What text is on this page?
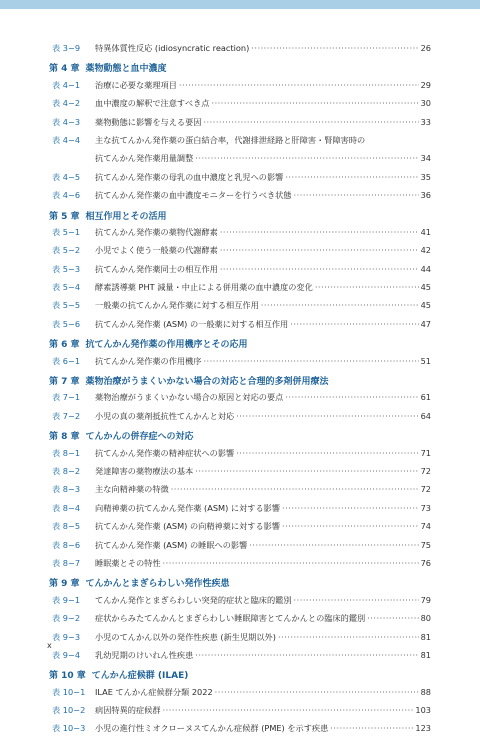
表 3−9	特異体質性反応 (idiosyncratic reaction) ·····	26
第 4 章 薬物動態と血中濃度
表 4−1	治療に必要な薬理項目 ·····	29
表 4−2	血中濃度の解釈で注意すべき点 ·····	30
表 4−3	薬物動態に影響を与える要因 ·····	33
表 4−4	主な抗てんかん発作薬の蛋白結合率，代謝排泄経路と肝障害・腎障害時の
抗てんかん発作薬用量調整 ·····	34
表 4−5	抗てんかん発作薬の母乳の血中濃度と乳児への影響 ·····	35
表 4−6	抗てんかん発作薬の血中濃度モニターを行うべき状態 ·····	36
第 5 章 相互作用とその活用
表 5−1	抗てんかん発作薬の薬物代謝酵素 ·····	41
表 5−2	小児でよく使う一般薬の代謝酵素 ·····	42
表 5−3	抗てんかん発作薬同士の相互作用 ·····	44
表 5−4	酵素誘導薬 PHT 減量・中止による併用薬の血中濃度の変化 ·····	45
表 5−5	一般薬の抗てんかん発作薬に対する相互作用 ·····	45
表 5−6	抗てんかん発作薬 (ASM) の一般薬に対する相互作用 ·····	47
第 6 章 抗てんかん発作薬の作用機序とその応用
表 6−1	抗てんかん発作薬の作用機序 ·····	51
第 7 章 薬物治療がうまくいかない場合の対応と合理的多剤併用療法
表 7−1	薬物治療がうまくいかない場合の原因と対応の要点 ·····	61
表 7−2	小児の真の薬剤抵抗性てんかんと対応 ·····	64
第 8 章 てんかんの併存症への対応
表 8−1	抗てんかん発作薬の精神症状への影響 ·····	71
表 8−2	発達障害の薬物療法の基本 ·····	72
表 8−3	主な向精神薬の特徴 ·····	72
表 8−4	向精神薬の抗てんかん発作薬 (ASM) に対する影響 ·····	73
表 8−5	抗てんかん発作薬 (ASM) の向精神薬に対する影響 ·····	74
表 8−6	抗てんかん発作薬 (ASM) の睡眠への影響 ·····	75
表 8−7	睡眠薬とその特性 ·····	76
第 9 章 てんかんとまぎらわしい発作性疾患
表 9−1	てんかん発作とまぎらわしい突発的症状と臨床的鑑別 ·····	79
表 9−2	症状からみたてんかんとまぎらわしい睡眠障害とてんかんとの臨床的鑑別 ·····	80
表 9−3	小児のてんかん以外の発作性疾患 (新生児期以外) ·····	81
表 9−4	乳幼児期のけいれん性疾患 ·····	81
第 10 章 てんかん症候群 (ILAE)
表 10−1	ILAE てんかん症候群分類 2022 ·····	88
表 10−2	病因特異的症候群 ·····	103
表 10−3	小児の進行性ミオクローヌスてんかん症候群 (PME) を示す疾患 ·····	123
x
